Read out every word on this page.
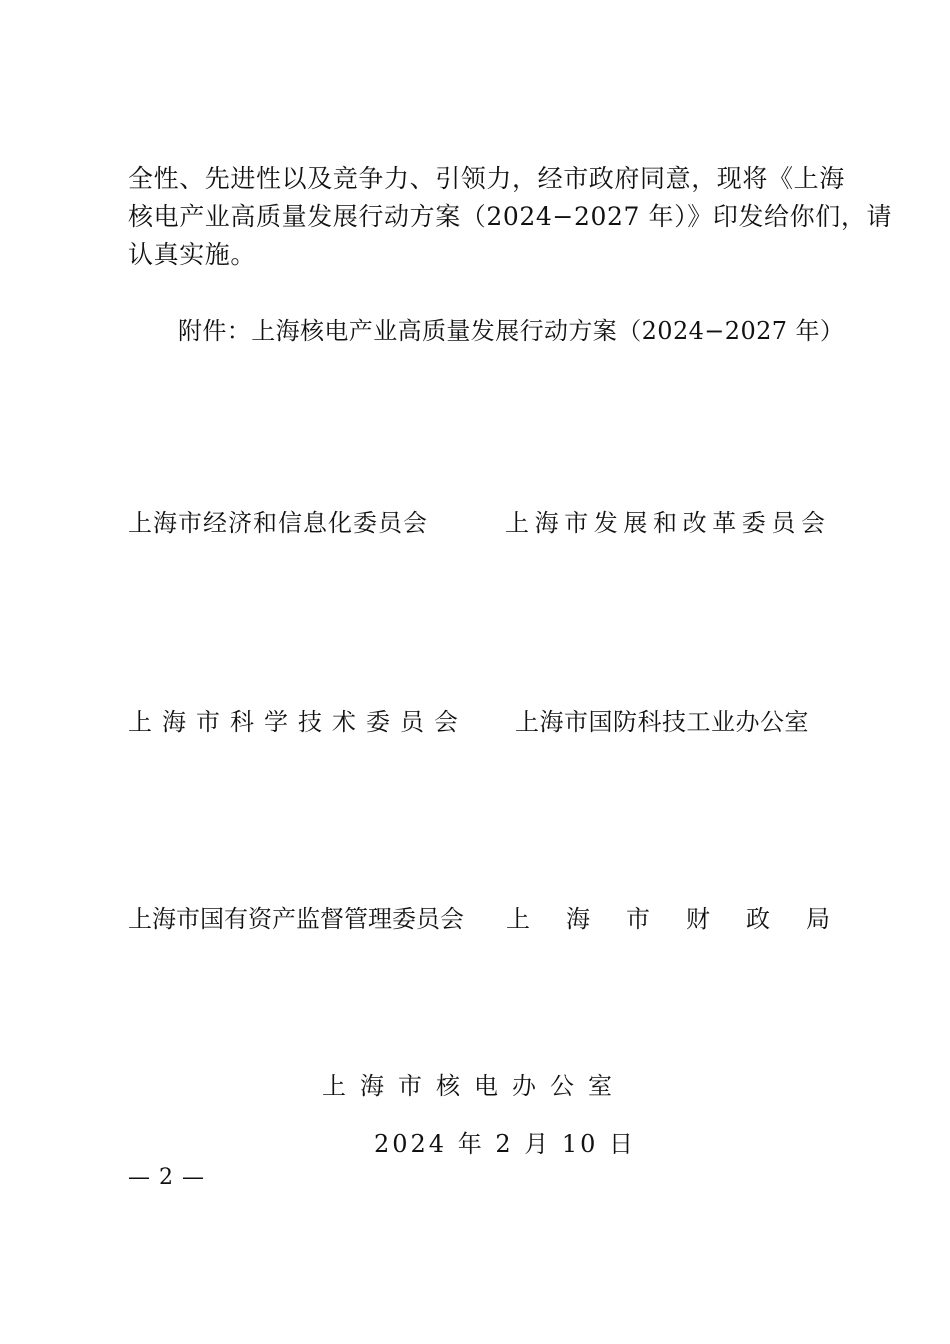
全性、先进性以及竞争力、引领力，经市政府同意，现将《上海
核电产业高质量发展行动方案（2024−2027 年）》印发给你们，请
认真实施。
附件：上海核电产业高质量发展行动方案（2024−2027 年）
上海市经济和信息化委员会	上海市发展和改革委员会
上海市科学技术委员会 上海市国防科技工业办公室
上海市国有资产监督管理委员会 上海市财政局
上海市核电办公室
2024 年 2 月 10 日
— 2 —
